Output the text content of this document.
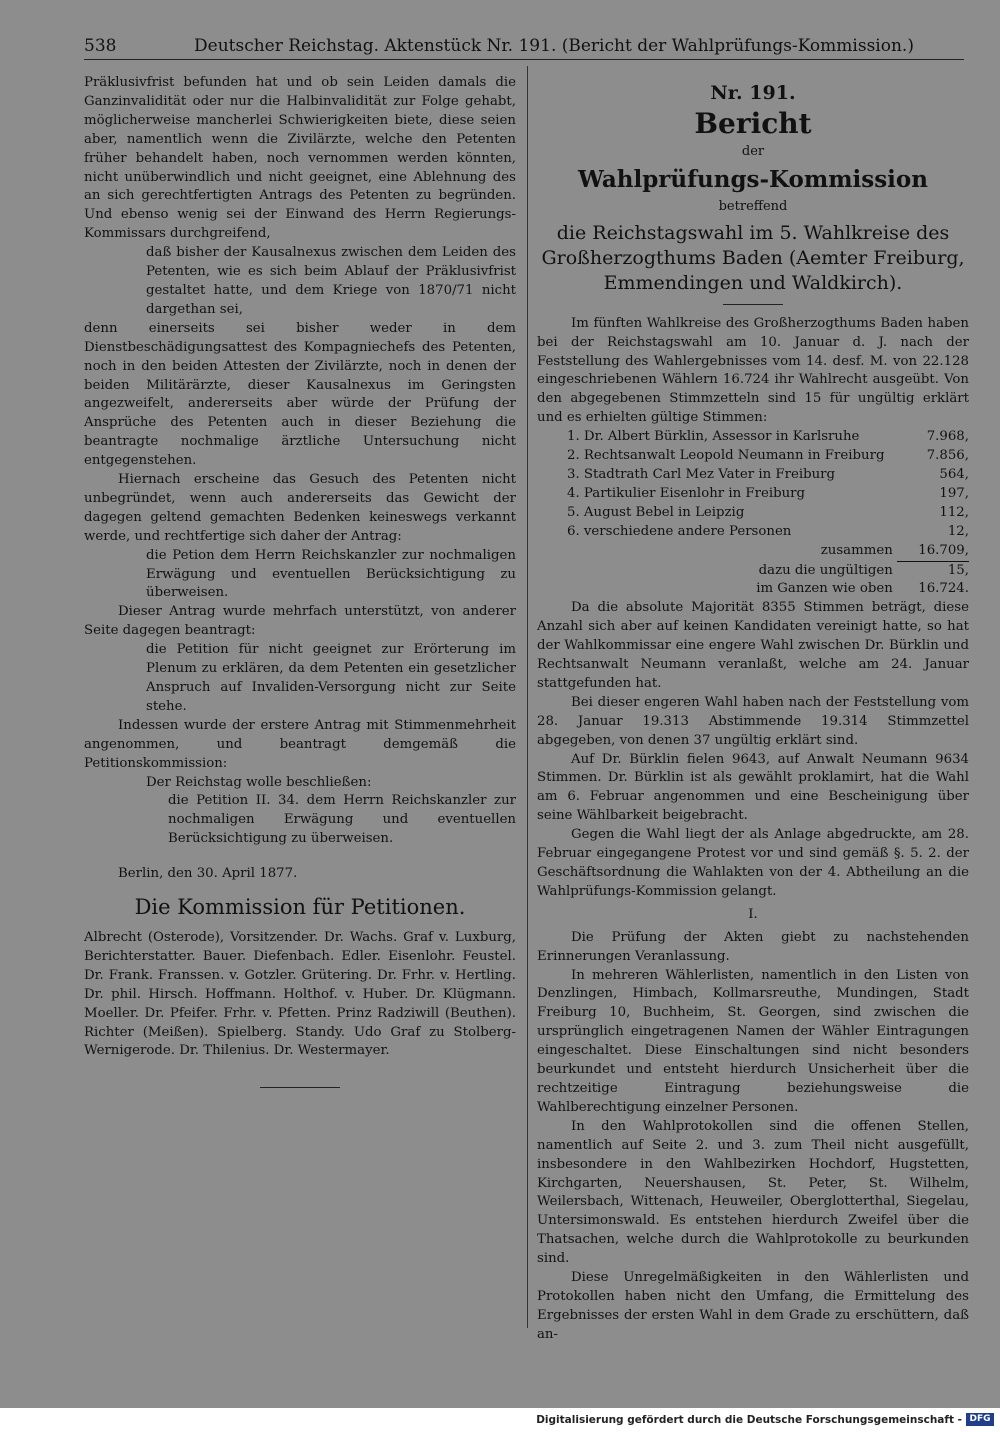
538	Deutscher Reichstag. Aktenstück Nr. 191. (Bericht der Wahlprüfungs-Kommission.)

Präklusivfrist befunden hat und ob sein Leiden damals die Ganzinvalidität oder nur die Halbinvalidität zur Folge gehabt, möglicherweise mancherlei Schwierigkeiten biete, diese seien aber, namentlich wenn die Zivilärzte, welche den Petenten früher behandelt haben, noch vernommen werden könnten, nicht unüberwindlich und nicht geeignet, eine Ablehnung des an sich gerechtfertigten Antrags des Petenten zu begründen. Und ebenso wenig sei der Einwand des Herrn Regierungs-Kommissars durchgreifend,

daß bisher der Kausalnexus zwischen dem Leiden des Petenten, wie es sich beim Ablauf der Präklusivfrist gestaltet hatte, und dem Kriege von 1870/71 nicht dargethan sei,

denn einerseits sei bisher weder in dem Dienstbeschädigungsattest des Kompagniechefs des Petenten, noch in den beiden Attesten der Zivilärzte, noch in denen der beiden Militärärzte, dieser Kausalnexus im Geringsten angezweifelt, andererseits aber würde der Prüfung der Ansprüche des Petenten auch in dieser Beziehung die beantragte nochmalige ärztliche Untersuchung nicht entgegenstehen.

Hiernach erscheine das Gesuch des Petenten nicht unbegründet, wenn auch andererseits das Gewicht der dagegen geltend gemachten Bedenken keineswegs verkannt werde, und rechtfertige sich daher der Antrag:

die Petion dem Herrn Reichskanzler zur nochmaligen Erwägung und eventuellen Berücksichtigung zu überweisen.

Dieser Antrag wurde mehrfach unterstützt, von anderer Seite dagegen beantragt:

die Petition für nicht geeignet zur Erörterung im Plenum zu erklären, da dem Petenten ein gesetzlicher Anspruch auf Invaliden-Versorgung nicht zur Seite stehe.

Indessen wurde der erstere Antrag mit Stimmenmehrheit angenommen, und beantragt demgemäß die Petitionskommission:

Der Reichstag wolle beschließen:

die Petition II. 34. dem Herrn Reichskanzler zur nochmaligen Erwägung und eventuellen Berücksichtigung zu überweisen.

Berlin, den 30. April 1877.

Die Kommission für Petitionen.

Albrecht (Osterode), Vorsitzender. Dr. Wachs. Graf v. Luxburg, Berichterstatter. Bauer. Diefenbach. Edler. Eisenlohr. Feustel. Dr. Frank. Franssen. v. Gotzler. Grütering. Dr. Frhr. v. Hertling. Dr. phil. Hirsch. Hoffmann. Holthof. v. Huber. Dr. Klügmann. Moeller. Dr. Pfeifer. Frhr. v. Pfetten. Prinz Radziwill (Beuthen). Richter (Meißen). Spielberg. Standy. Udo Graf zu Stolberg-Wernigerode. Dr. Thilenius. Dr. Westermayer.

Nr. 191.
Bericht
der
Wahlprüfungs-Kommission
betreffend
die Reichstagswahl im 5. Wahlkreise des Großherzogthums Baden (Aemter Freiburg, Emmendingen und Waldkirch).

Im fünften Wahlkreise des Großherzogthums Baden haben bei der Reichstagswahl am 10. Januar d. J. nach der Feststellung des Wahlergebnisses vom 14. desf. M. von 22.128 eingeschriebenen Wählern 16.724 ihr Wahlrecht ausgeübt. Von den abgegebenen Stimmzetteln sind 15 für ungültig erklärt und es erhielten gültige Stimmen:

1. Dr. Albert Bürklin, Assessor in Karlsruhe	7.968,
2. Rechtsanwalt Leopold Neumann in Freiburg	7.856,
3. Stadtrath Carl Mez Vater in Freiburg	564,
4. Partikulier Eisenlohr in Freiburg	197,
5. August Bebel in Leipzig	112,
6. verschiedene andere Personen	12,
zusammen 16.709,
dazu die ungültigen	15,
im Ganzen wie oben 16.724.

Da die absolute Majorität 8355 Stimmen beträgt, diese Anzahl sich aber auf keinen Kandidaten vereinigt hatte, so hat der Wahlkommissar eine engere Wahl zwischen Dr. Bürklin und Rechtsanwalt Neumann veranlaßt, welche am 24. Januar stattgefunden hat.

Bei dieser engeren Wahl haben nach der Feststellung vom 28. Januar 19.313 Abstimmende 19.314 Stimmzettel abgegeben, von denen 37 ungültig erklärt sind.

Auf Dr. Bürklin fielen 9643, auf Anwalt Neumann 9634 Stimmen. Dr. Bürklin ist als gewählt proklamirt, hat die Wahl am 6. Februar angenommen und eine Bescheinigung über seine Wählbarkeit beigebracht.

Gegen die Wahl liegt der als Anlage abgedruckte, am 28. Februar eingegangene Protest vor und sind gemäß §. 5. 2. der Geschäftsordnung die Wahlakten von der 4. Abtheilung an die Wahlprüfungs-Kommission gelangt.

I.

Die Prüfung der Akten giebt zu nachstehenden Erinnerungen Veranlassung.

In mehreren Wählerlisten, namentlich in den Listen von Denzlingen, Himbach, Kollmarsreuthe, Mundingen, Stadt Freiburg 10, Buchheim, St. Georgen, sind zwischen die ursprünglich eingetragenen Namen der Wähler Eintragungen eingeschaltet. Diese Einschaltungen sind nicht besonders beurkundet und entsteht hierdurch Unsicherheit über die rechtzeitige Eintragung beziehungsweise die Wahlberechtigung einzelner Personen.

In den Wahlprotokollen sind die offenen Stellen, namentlich auf Seite 2. und 3. zum Theil nicht ausgefüllt, insbesondere in den Wahlbezirken Hochdorf, Hugstetten, Kirchgarten, Neuershausen, St. Peter, St. Wilhelm, Weilersbach, Wittenach, Heuweiler, Oberglotterthal, Siegelau, Untersimonswald. Es entstehen hierdurch Zweifel über die Thatsachen, welche durch die Wahlprotokolle zu beurkunden sind.

Diese Unregelmäßigkeiten in den Wählerlisten und Protokollen haben nicht den Umfang, die Ermittelung des Ergebnisses der ersten Wahl in dem Grade zu erschüttern, daß an-

Digitalisierung gefördert durch die Deutsche Forschungsgemeinschaft - DFG
